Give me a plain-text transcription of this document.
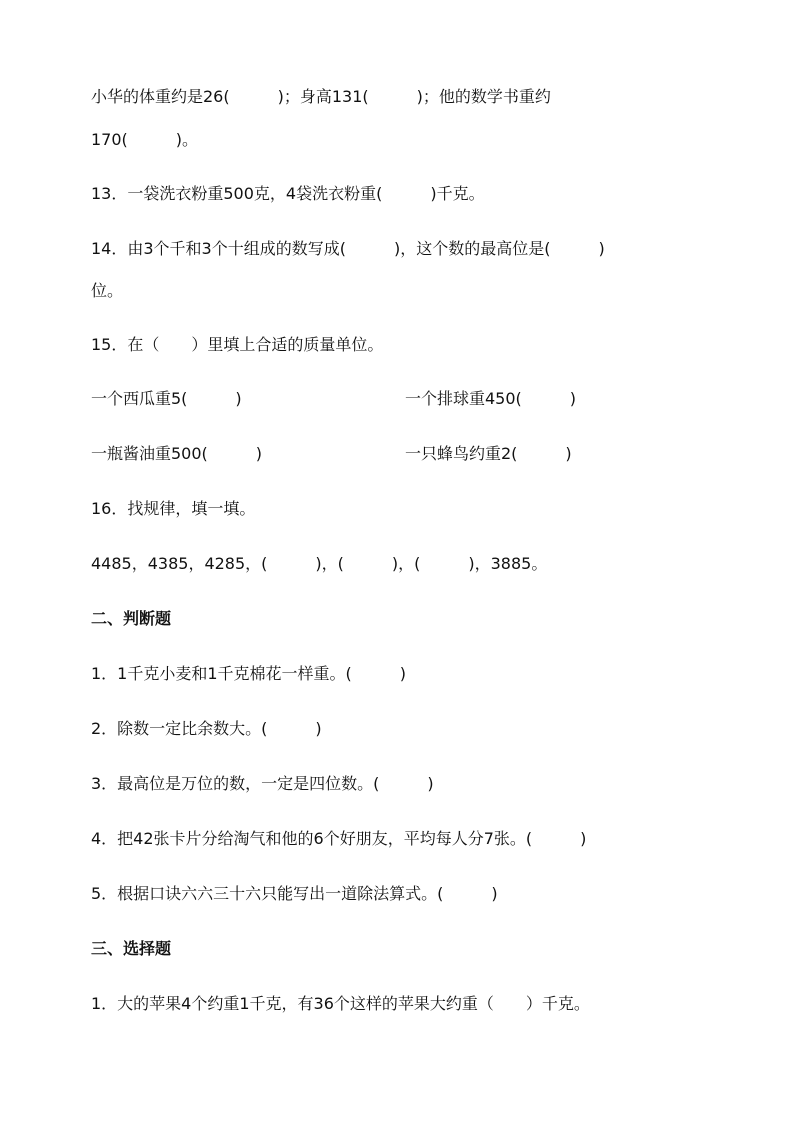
小华的体重约是26(　　　)；身高131(　　　)；他的数学书重约
170(　　　)。
13．一袋洗衣粉重500克，4袋洗衣粉重(　　　)千克。
14．由3个千和3个十组成的数写成(　　　)，这个数的最高位是(　　　)
位。
15．在（　　）里填上合适的质量单位。
一个西瓜重5(　　　)	一个排球重450(　　　)
一瓶酱油重500(　　　)	一只蜂鸟约重2(　　　)
16．找规律，填一填。
4485，4385，4285，(　　　)，(　　　)，(　　　)，3885。
二、判断题
1．1千克小麦和1千克棉花一样重。(　　　)
2．除数一定比余数大。(　　　)
3．最高位是万位的数，一定是四位数。(　　　)
4．把42张卡片分给淘气和他的6个好朋友，平均每人分7张。(　　　)
5．根据口诀六六三十六只能写出一道除法算式。(　　　)
三、选择题
1．大的苹果4个约重1千克，有36个这样的苹果大约重（　　）千克。
